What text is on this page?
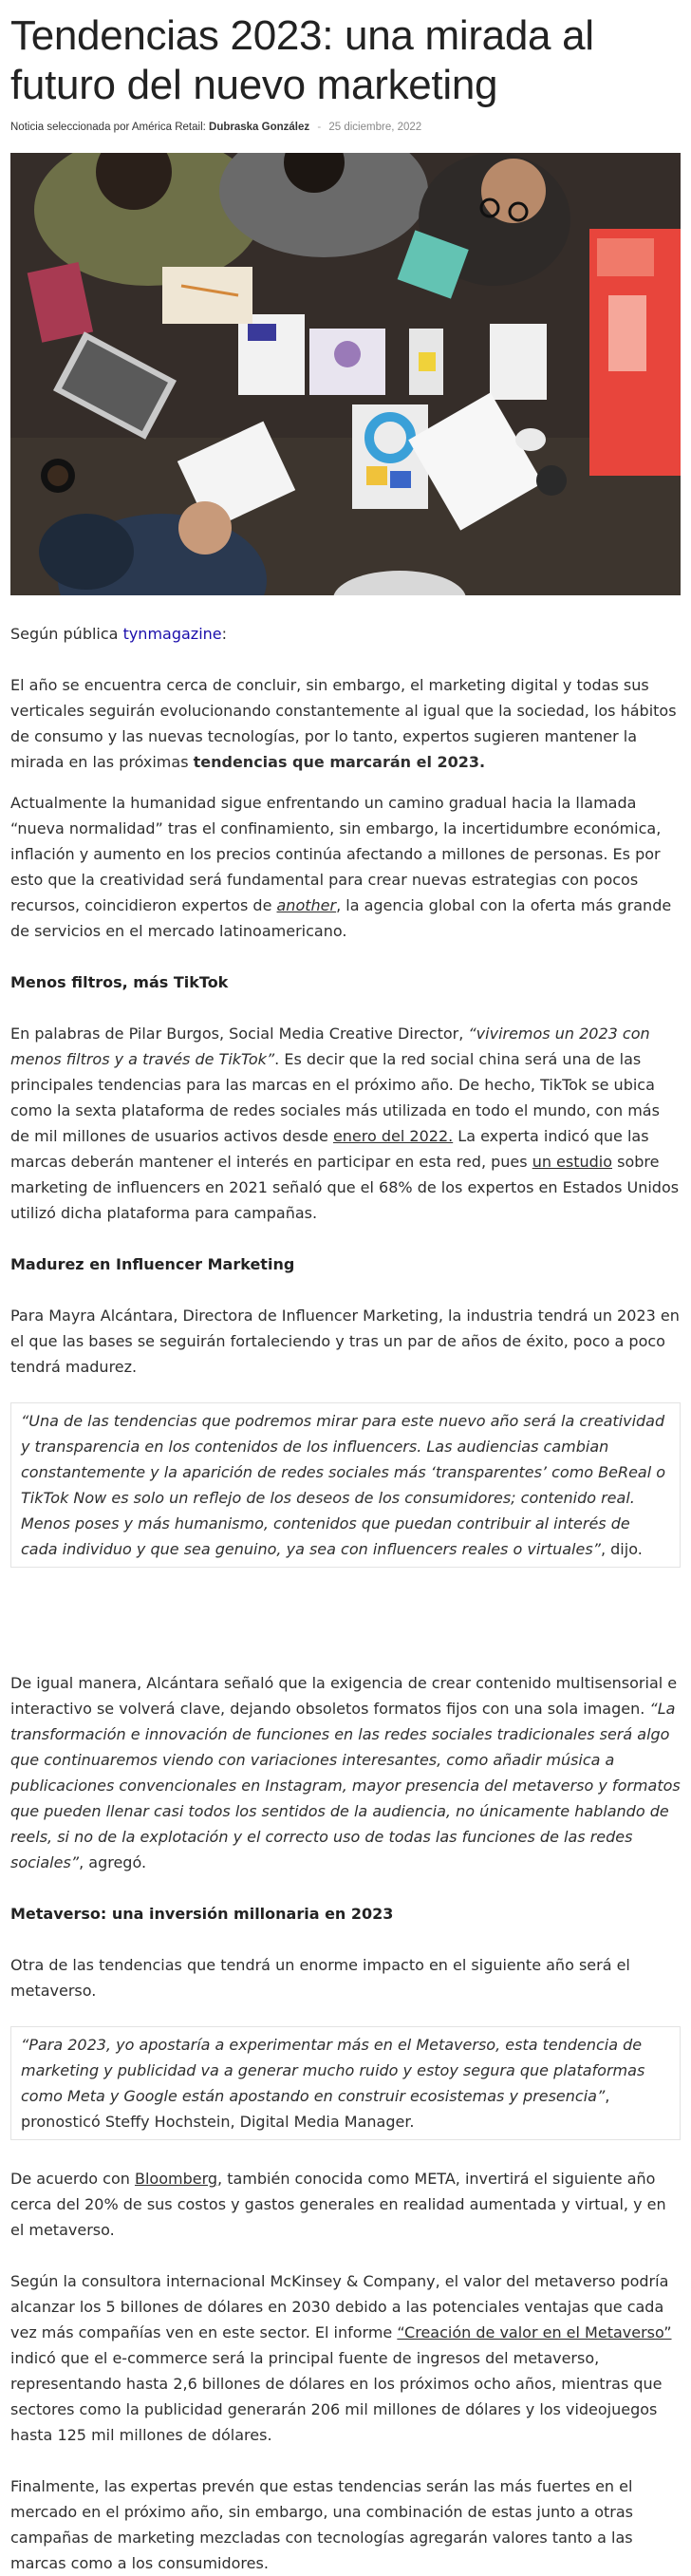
Tendencias 2023: una mirada al futuro del nuevo marketing
Noticia seleccionada por América Retail: Dubraska González - 25 diciembre, 2022

Según pública tynmagazine:

El año se encuentra cerca de concluir, sin embargo, el marketing digital y todas sus verticales seguirán evolucionando constantemente al igual que la sociedad, los hábitos de consumo y las nuevas tecnologías, por lo tanto, expertos sugieren mantener la mirada en las próximas tendencias que marcarán el 2023.

Actualmente la humanidad sigue enfrentando un camino gradual hacia la llamada “nueva normalidad” tras el confinamiento, sin embargo, la incertidumbre económica, inflación y aumento en los precios continúa afectando a millones de personas. Es por esto que la creatividad será fundamental para crear nuevas estrategias con pocos recursos, coincidieron expertos de another, la agencia global con la oferta más grande de servicios en el mercado latinoamericano.

Menos filtros, más TikTok

En palabras de Pilar Burgos, Social Media Creative Director, “viviremos un 2023 con menos filtros y a través de TikTok”. Es decir que la red social china será una de las principales tendencias para las marcas en el próximo año. De hecho, TikTok se ubica como la sexta plataforma de redes sociales más utilizada en todo el mundo, con más de mil millones de usuarios activos desde enero del 2022. La experta indicó que las marcas deberán mantener el interés en participar en esta red, pues un estudio sobre marketing de influencers en 2021 señaló que el 68% de los expertos en Estados Unidos utilizó dicha plataforma para campañas.

Madurez en Influencer Marketing

Para Mayra Alcántara, Directora de Influencer Marketing, la industria tendrá un 2023 en el que las bases se seguirán fortaleciendo y tras un par de años de éxito, poco a poco tendrá madurez.

“Una de las tendencias que podremos mirar para este nuevo año será la creatividad y transparencia en los contenidos de los influencers. Las audiencias cambian constantemente y la aparición de redes sociales más ‘transparentes’ como BeReal o TikTok Now es solo un reflejo de los deseos de los consumidores; contenido real. Menos poses y más humanismo, contenidos que puedan contribuir al interés de cada individuo y que sea genuino, ya sea con influencers reales o virtuales”, dijo.

De igual manera, Alcántara señaló que la exigencia de crear contenido multisensorial e interactivo se volverá clave, dejando obsoletos formatos fijos con una sola imagen. “La transformación e innovación de funciones en las redes sociales tradicionales será algo que continuaremos viendo con variaciones interesantes, como añadir música a publicaciones convencionales en Instagram, mayor presencia del metaverso y formatos que pueden llenar casi todos los sentidos de la audiencia, no únicamente hablando de reels, si no de la explotación y el correcto uso de todas las funciones de las redes sociales”, agregó.

Metaverso: una inversión millonaria en 2023

Otra de las tendencias que tendrá un enorme impacto en el siguiente año será el metaverso.

“Para 2023, yo apostaría a experimentar más en el Metaverso, esta tendencia de marketing y publicidad va a generar mucho ruido y estoy segura que plataformas como Meta y Google están apostando en construir ecosistemas y presencia”, pronosticó Steffy Hochstein, Digital Media Manager.

De acuerdo con Bloomberg, también conocida como META, invertirá el siguiente año cerca del 20% de sus costos y gastos generales en realidad aumentada y virtual, y en el metaverso.

Según la consultora internacional McKinsey & Company, el valor del metaverso podría alcanzar los 5 billones de dólares en 2030 debido a las potenciales ventajas que cada vez más compañías ven en este sector. El informe “Creación de valor en el Metaverso” indicó que el e-commerce será la principal fuente de ingresos del metaverso, representando hasta 2,6 billones de dólares en los próximos ocho años, mientras que sectores como la publicidad generarán 206 mil millones de dólares y los videojuegos hasta 125 mil millones de dólares.

Finalmente, las expertas prevén que estas tendencias serán las más fuertes en el mercado en el próximo año, sin embargo, una combinación de estas junto a otras campañas de marketing mezcladas con tecnologías agregarán valores tanto a las marcas como a los consumidores.
